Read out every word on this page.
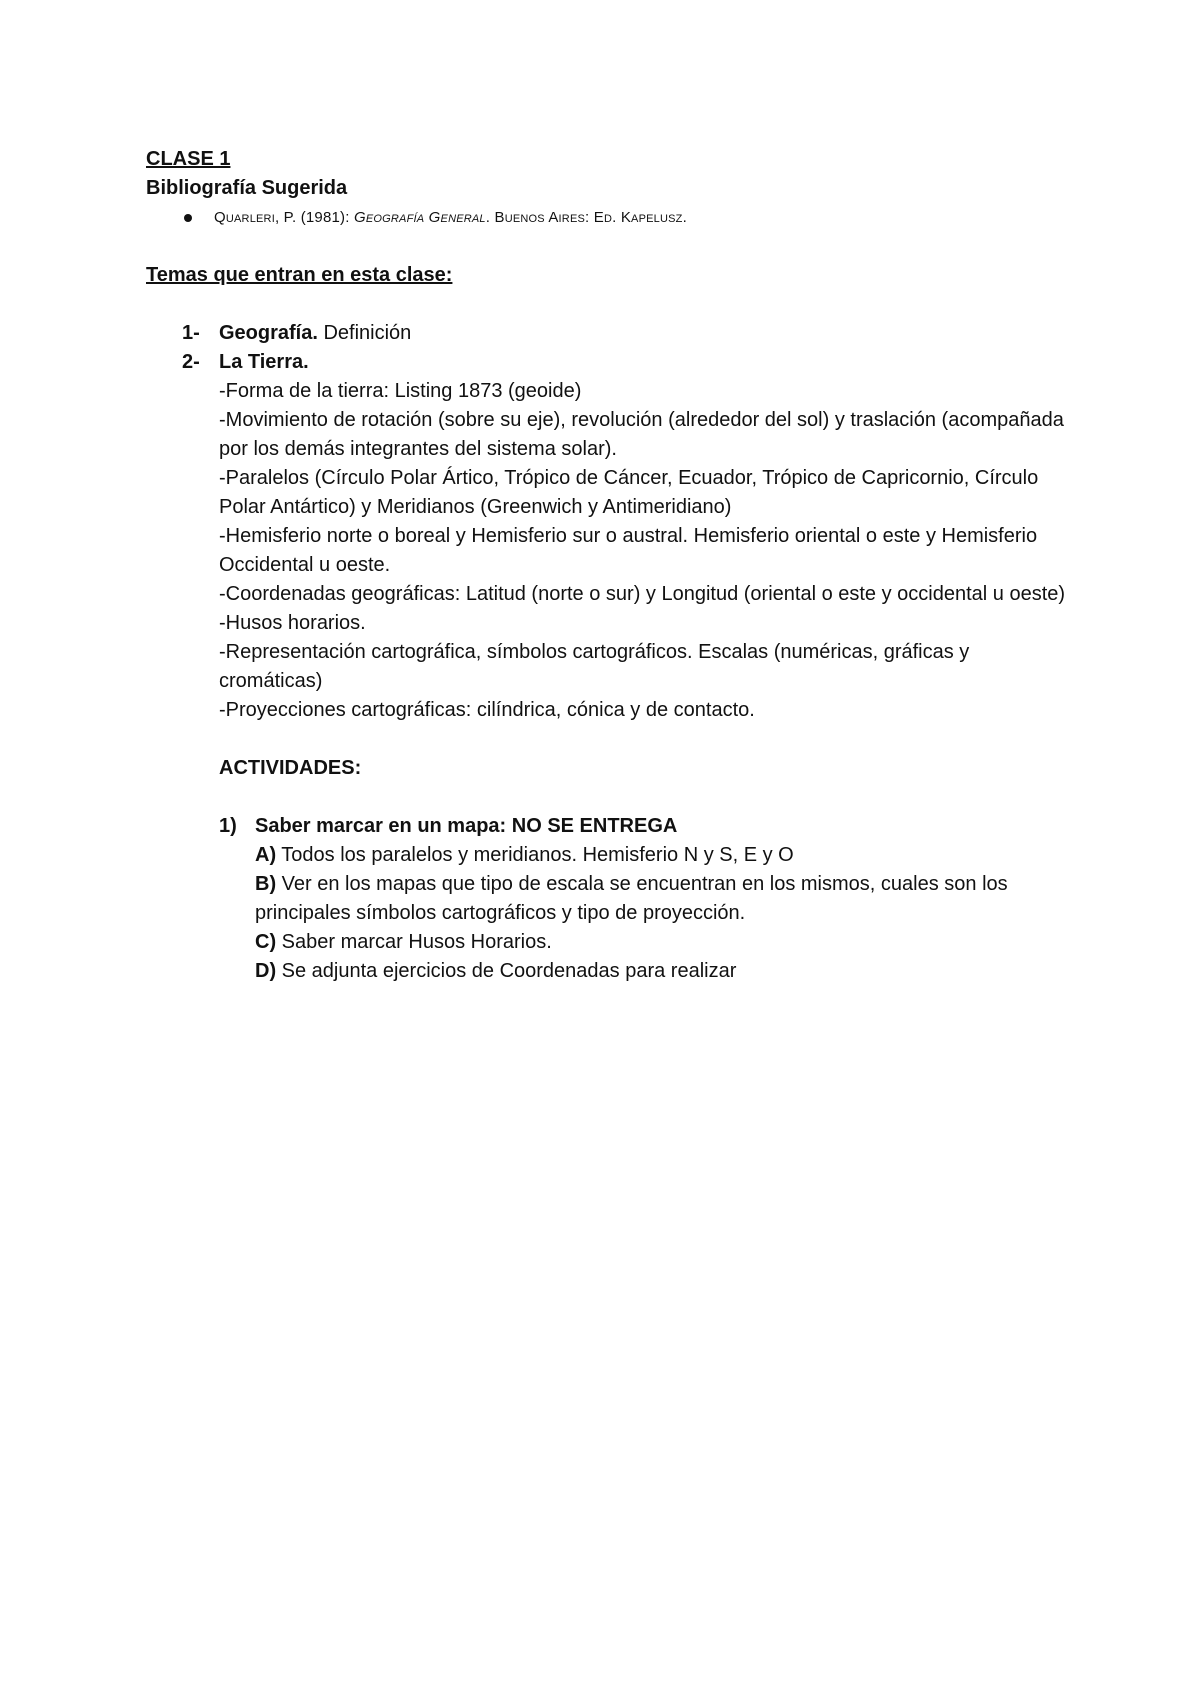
CLASE 1
Bibliografía Sugerida
Quarleri, P. (1981): Geografía General. Buenos Aires: Ed. Kapelusz.
Temas que entran en esta clase:
1- Geografía. Definición
2- La Tierra.
-Forma de la tierra: Listing 1873 (geoide)
-Movimiento de rotación (sobre su eje), revolución (alrededor del sol) y traslación (acompañada por los demás integrantes del sistema solar).
-Paralelos (Círculo Polar Ártico, Trópico de Cáncer, Ecuador, Trópico de Capricornio, Círculo Polar Antártico) y Meridianos (Greenwich y Antimeridiano)
-Hemisferio norte o boreal y Hemisferio sur o austral. Hemisferio oriental o este y Hemisferio Occidental u oeste.
-Coordenadas geográficas: Latitud (norte o sur) y Longitud (oriental o este y occidental u oeste)
-Husos horarios.
-Representación cartográfica, símbolos cartográficos. Escalas (numéricas, gráficas y cromáticas)
-Proyecciones cartográficas: cilíndrica, cónica y de contacto.
ACTIVIDADES:
1) Saber marcar en un mapa: NO SE ENTREGA
A) Todos los paralelos y meridianos. Hemisferio N y S, E y O
B) Ver en los mapas que tipo de escala se encuentran en los mismos, cuales son los principales símbolos cartográficos y tipo de proyección.
C) Saber marcar Husos Horarios.
D) Se adjunta ejercicios de Coordenadas para realizar
